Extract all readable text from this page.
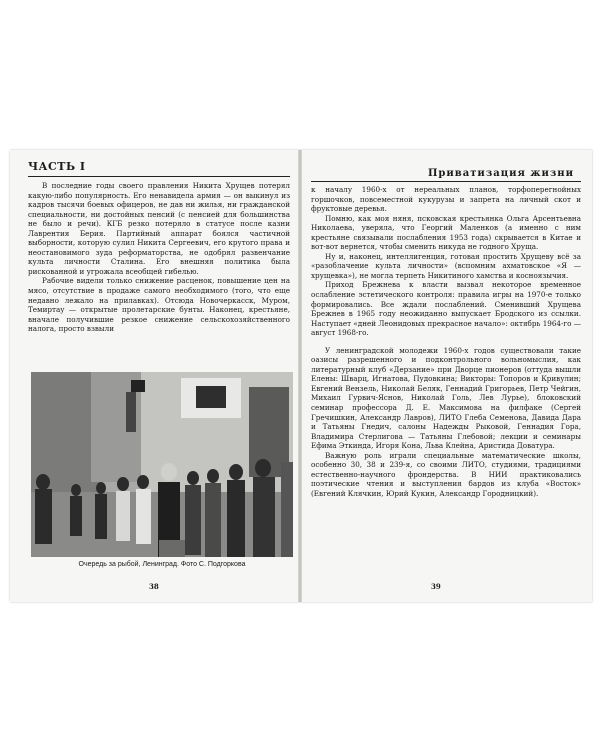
ЧАСТЬ I

В последние годы своего правления Никита Хрущев потерял какую-либо популярность. Его ненавидела армия — он выкинул из кадров тысячи боевых офицеров, не дав ни жилья, ни гражданской специальности, ни достойных пенсий (с пенсией для большинства не было и речи). КГБ резко потеряло в статусе после казни Лаврентия Берия. Партийный аппарат боялся частичной выборности, которую сулил Никита Сергеевич, его крутого права и неостановимого зуда реформаторства, не одобрял развенчание культа личности Сталина. Его внешняя политика была рискованной и угрожала всеобщей гибелью.

Рабочие видели только снижение расценок, повышение цен на мясо, отсутствие в продаже самого необходимого (того, что еще недавно лежало на прилавках). Отсюда Новочеркасск, Муром, Темиртау — открытые пролетарские бунты. Наконец, крестьяне, вначале получившие резкое снижение сельскохозяйственного налога, просто взвыли

Очередь за рыбой, Ленинград. Фото С. Подгоркова
38
Приватизация жизни

к началу 1960-х от нереальных планов, торфоперегнойных горшочков, повсеместной кукурузы и запрета на личный скот и фруктовые деревья.

Помню, как моя няня, псковская крестьянка Ольга Арсентьевна Николаева, уверяла, что Георгий Маленков (а именно с ним крестьяне связывали послабления 1953 года) скрывается в Китае и вот-вот вернется, чтобы сменить никуда не годного Хруща.

Ну и, наконец, интеллигенция, готовая простить Хрущеву всё за «разоблачение культа личности» (вспомним ахматовское «Я — хрущевка»), не могла терпеть Никитиного хамства и косноязычия.

Приход Брежнева к власти вызвал некоторое временное ослабление эстетического контроля: правила игры на 1970-е только формировались. Все ждали послаблений. Сменивший Хрущева Брежнев в 1965 году неожиданно выпускает Бродского из ссылки. Наступает «дней Леонидовых прекрасное начало»: октябрь 1964-го — август 1968-го.

У ленинградской молодежи 1960-х годов существовали такие оазисы разрешенного и подконтрольного вольномыслия, как литературный клуб «Дерзание» при Дворце пионеров (оттуда вышли Елены: Шварц, Игнатова, Пудовкина; Викторы: Топоров и Кривулин; Евгений Вензель, Николай Беляк, Геннадий Григорьев, Петр Чейгин, Михаил Гурвич-Яснов, Николай Голь, Лев Лурье), блоковский семинар профессора Д. Е. Максимова на филфаке (Сергей Гречишкин, Александр Лавров), ЛИТО Глеба Семенова, Давида Дара и Татьяны Гнедич, салоны Надежды Рыковой, Геннадия Гора, Владимира Стерлигова — Татьяны Глебовой; лекции и семинары Ефима Эткинда, Игоря Кона, Льва Клейна, Аристида Доватура.

Важную роль играли специальные математические школы, особенно 30, 38 и 239-я, со своими ЛИТО, студиями, традициями естественно-научного фрондерства. В НИИ практиковались поэтические чтения и выступления бардов из клуба «Восток» (Евгений Клячкин, Юрий Кукин, Александр Городницкий).

39
